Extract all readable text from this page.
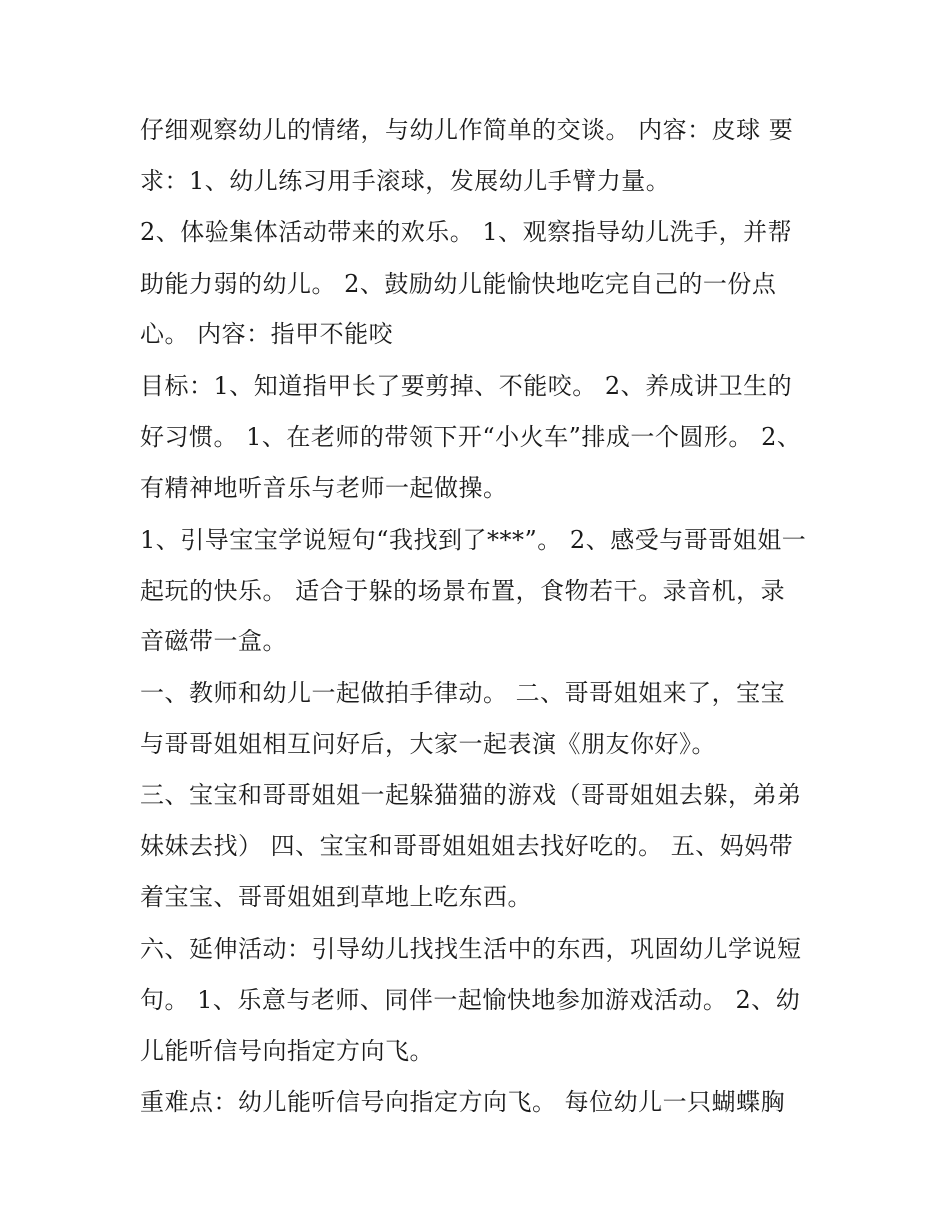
仔细观察幼儿的情绪，与幼儿作简单的交谈。 内容：皮球 要
求：1、幼儿练习用手滚球，发展幼儿手臂力量。
2、体验集体活动带来的欢乐。 1、观察指导幼儿洗手，并帮
助能力弱的幼儿。 2、鼓励幼儿能愉快地吃完自己的一份点
心。 内容：指甲不能咬
目标：1、知道指甲长了要剪掉、不能咬。 2、养成讲卫生的
好习惯。 1、在老师的带领下开“小火车”排成一个圆形。 2、
有精神地听音乐与老师一起做操。
1、引导宝宝学说短句“我找到了***”。 2、感受与哥哥姐姐一
起玩的快乐。 适合于躲的场景布置，食物若干。录音机，录
音磁带一盒。
一、教师和幼儿一起做拍手律动。 二、哥哥姐姐来了，宝宝
与哥哥姐姐相互问好后，大家一起表演《朋友你好》。
三、宝宝和哥哥姐姐一起躲猫猫的游戏（哥哥姐姐去躲，弟弟
妹妹去找） 四、宝宝和哥哥姐姐姐去找好吃的。 五、妈妈带
着宝宝、哥哥姐姐到草地上吃东西。
六、延伸活动：引导幼儿找找生活中的东西，巩固幼儿学说短
句。 1、乐意与老师、同伴一起愉快地参加游戏活动。 2、幼
儿能听信号向指定方向飞。
重难点：幼儿能听信号向指定方向飞。 每位幼儿一只蝴蝶胸
